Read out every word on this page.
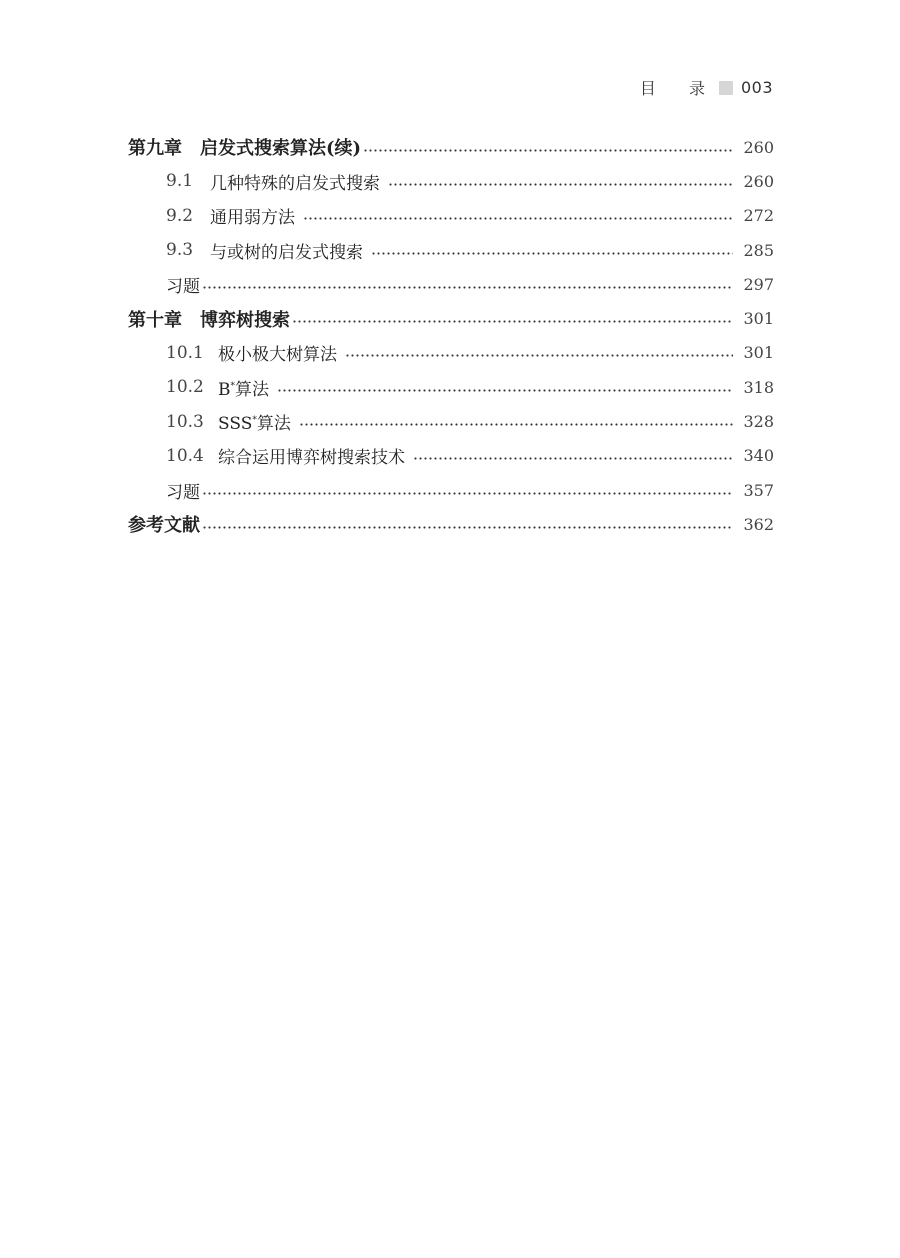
目 录 003
第九章 启发式搜索算法(续)	260
9.1 几种特殊的启发式搜索	260
9.2 通用弱方法	272
9.3 与或树的启发式搜索	285
习题	297
第十章 博弈树搜索	301
10.1 极小极大树算法	301
10.2 B*算法	318
10.3 SSS*算法	328
10.4 综合运用博弈树搜索技术	340
习题	357
参考文献	362
